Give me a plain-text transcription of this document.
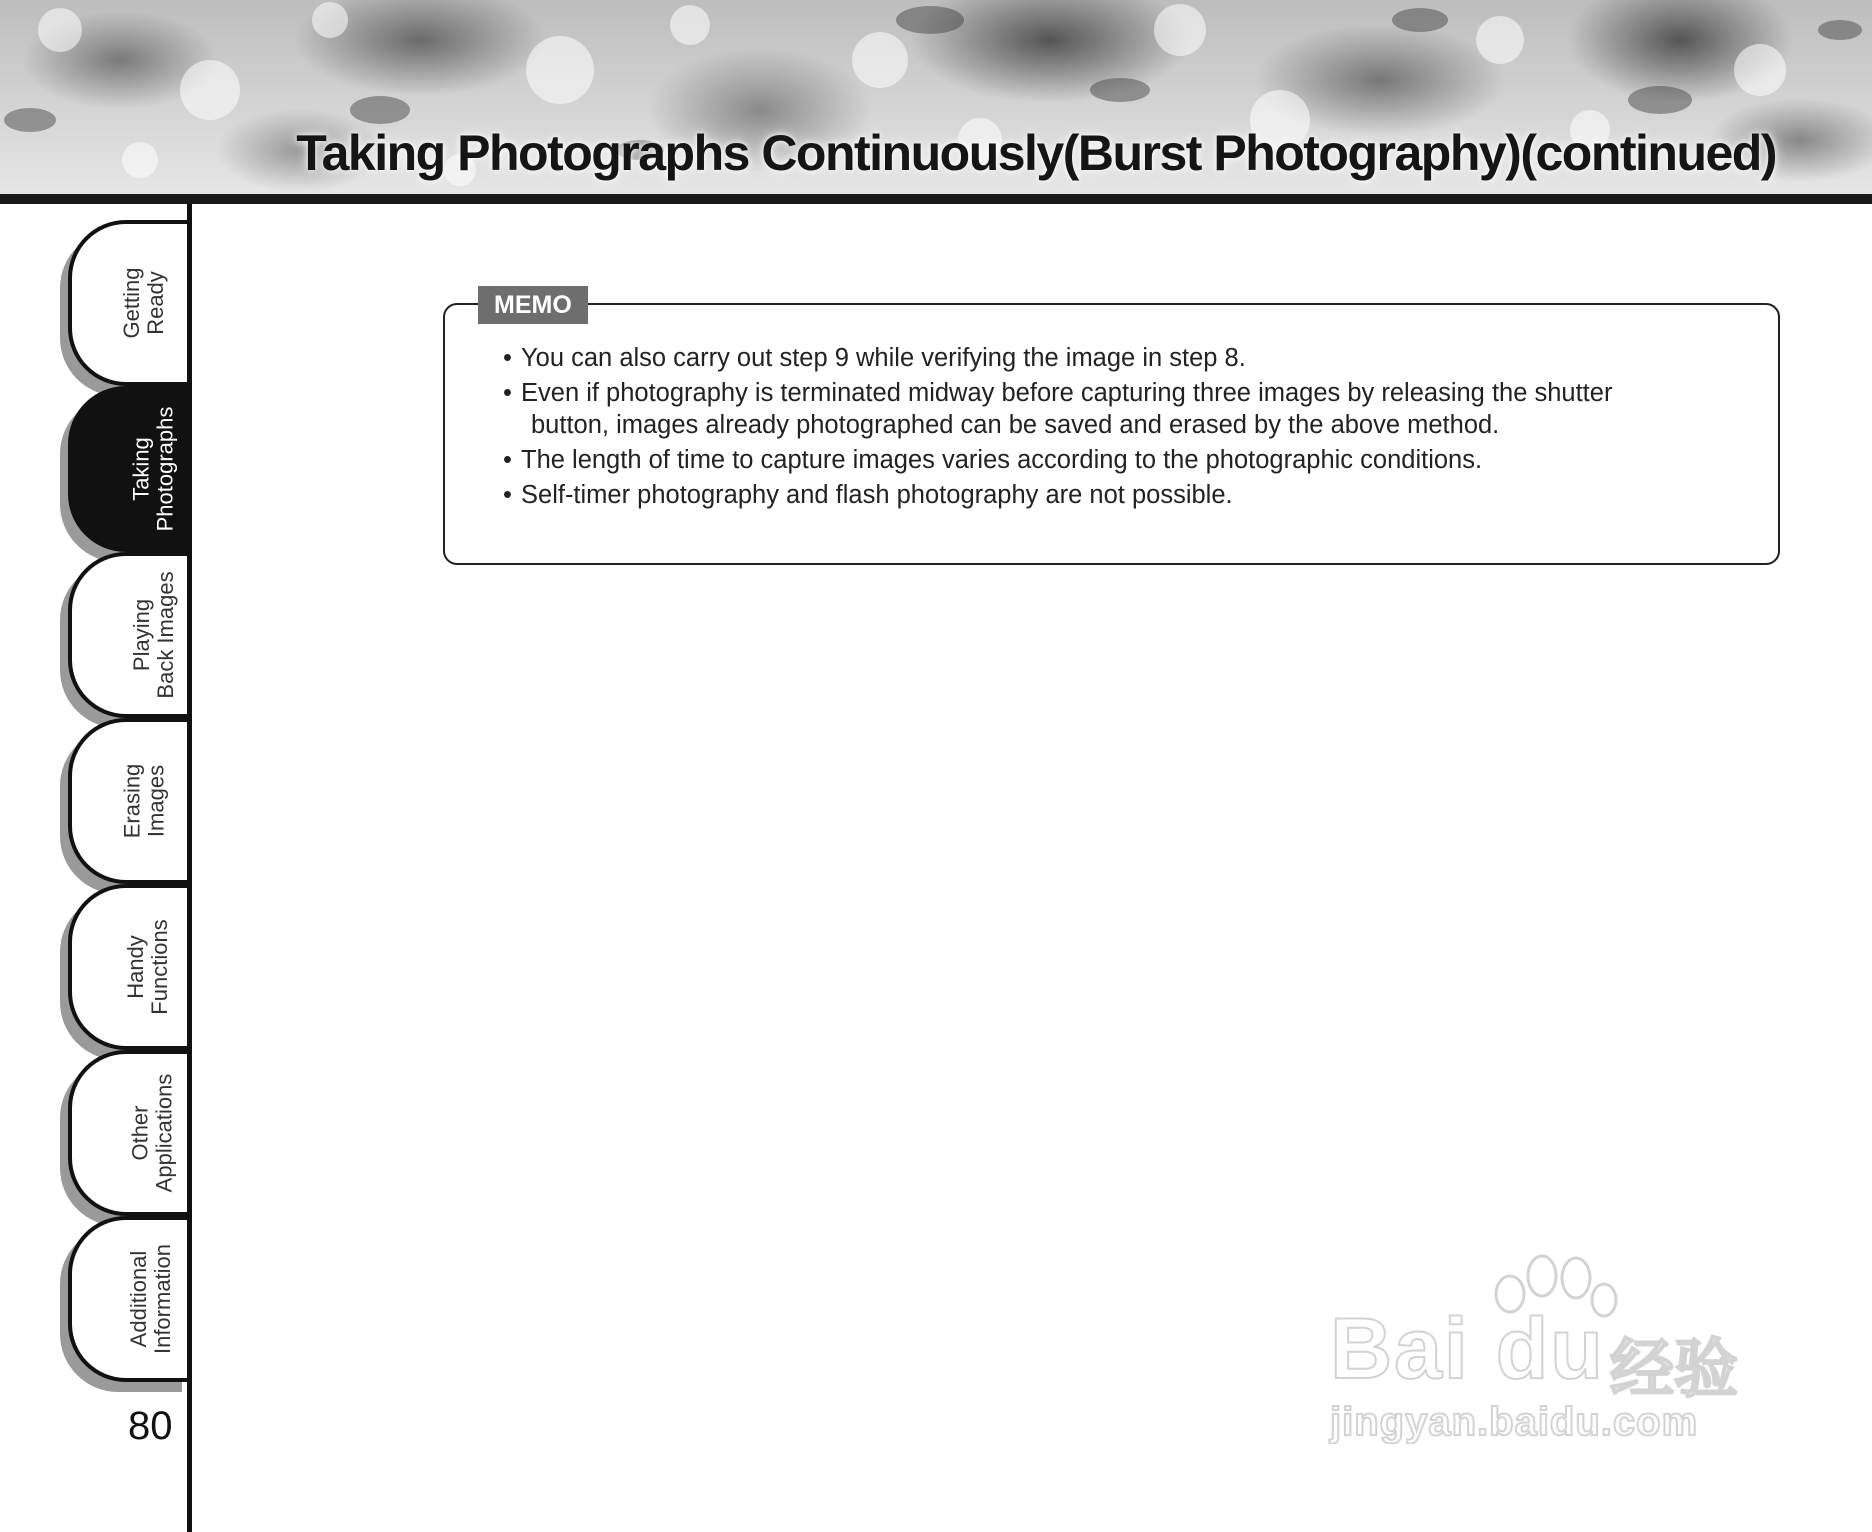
Taking Photographs Continuously(Burst Photography)(continued)
Getting Ready
Taking Photographs
Playing Back Images
Erasing Images
Handy Functions
Other Applications
Additional Information
80
MEMO
• You can also carry out step 9 while verifying the image in step 8.
• Even if photography is terminated midway before capturing three images by releasing the shutter
button, images already photographed can be saved and erased by the above method.
• The length of time to capture images varies according to the photographic conditions.
• Self-timer photography and flash photography are not possible.
Bai du 经验
jingyan.baidu.com
